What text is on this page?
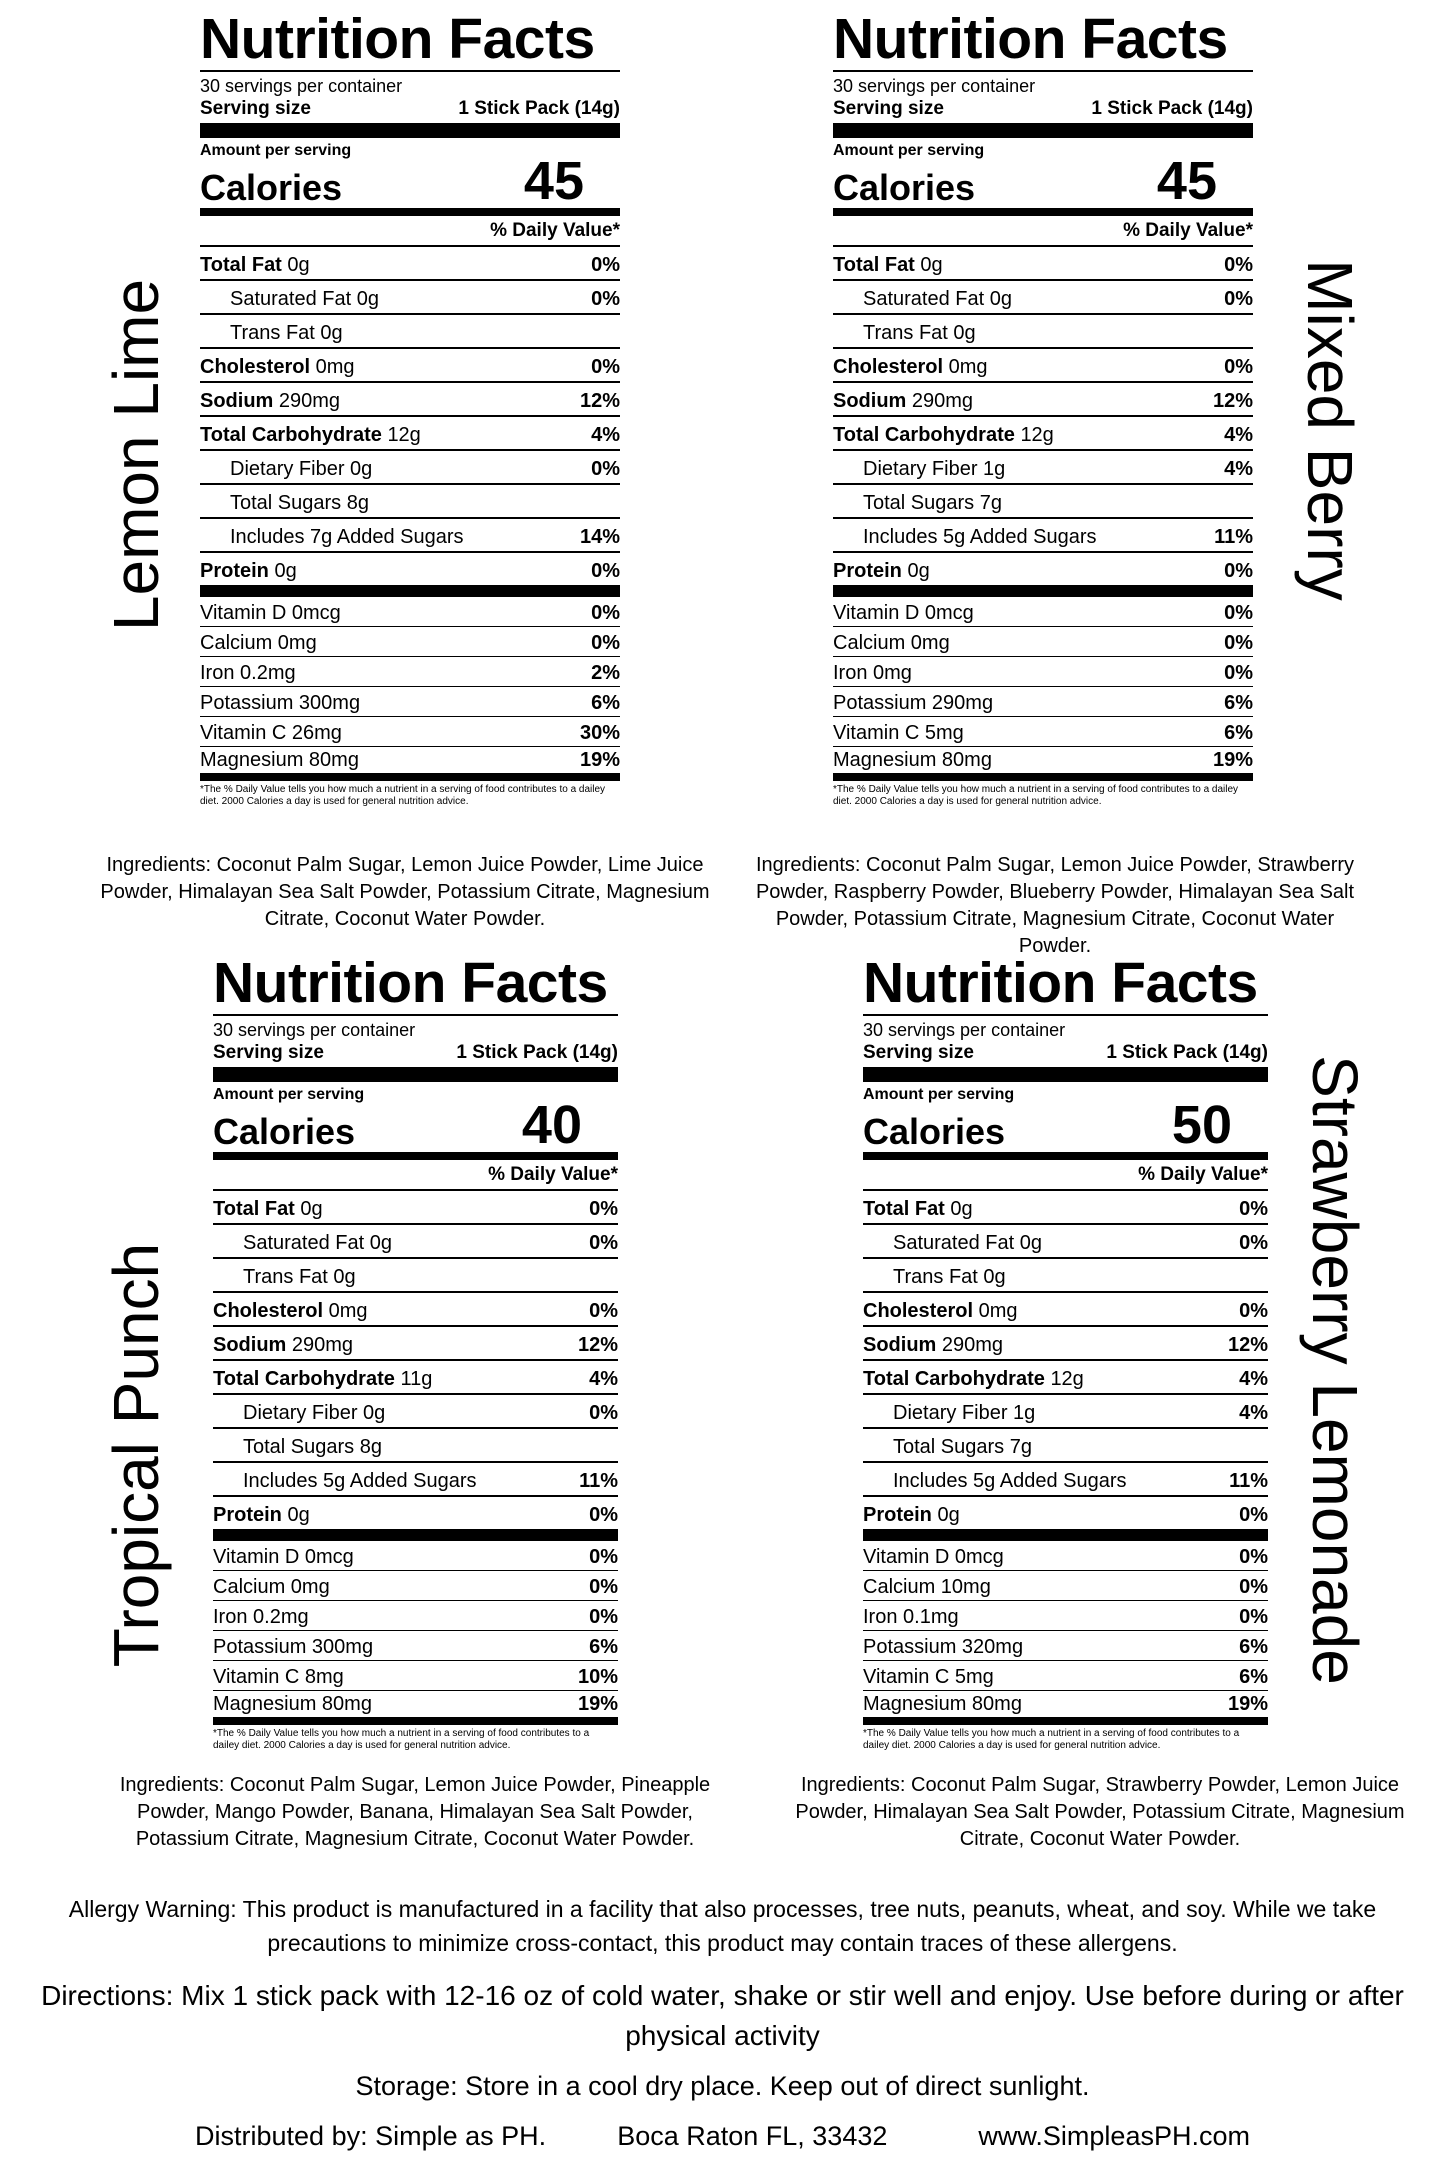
Nutrition Facts
30 servings per container
Serving size	1 Stick Pack (14g)
Amount per serving
Calories	45
% Daily Value*
Total Fat 0g	0%
Saturated Fat 0g	0%
Trans Fat 0g
Cholesterol 0mg	0%
Sodium 290mg	12%
Total Carbohydrate 12g	4%
Dietary Fiber 0g	0%
Total Sugars 8g
Includes 7g Added Sugars	14%
Protein 0g	0%
Vitamin D 0mcg	0%
Calcium 0mg	0%
Iron 0.2mg	2%
Potassium 300mg	6%
Vitamin C 26mg	30%
Magnesium 80mg	19%
*The % Daily Value tells you how much a nutrient in a serving of food contributes to a dailey diet. 2000 Calories a day is used for general nutrition advice.
Nutrition Facts
30 servings per container
Serving size	1 Stick Pack (14g)
Amount per serving
Calories	45
% Daily Value*
Total Fat 0g	0%
Saturated Fat 0g	0%
Trans Fat 0g
Cholesterol 0mg	0%
Sodium 290mg	12%
Total Carbohydrate 12g	4%
Dietary Fiber 1g	4%
Total Sugars 7g
Includes 5g Added Sugars	11%
Protein 0g	0%
Vitamin D 0mcg	0%
Calcium 0mg	0%
Iron 0mg	0%
Potassium 290mg	6%
Vitamin C 5mg	6%
Magnesium 80mg	19%
*The % Daily Value tells you how much a nutrient in a serving of food contributes to a dailey diet. 2000 Calories a day is used for general nutrition advice.
Nutrition Facts
30 servings per container
Serving size	1 Stick Pack (14g)
Amount per serving
Calories	40
% Daily Value*
Total Fat 0g	0%
Saturated Fat 0g	0%
Trans Fat 0g
Cholesterol 0mg	0%
Sodium 290mg	12%
Total Carbohydrate 11g	4%
Dietary Fiber 0g	0%
Total Sugars 8g
Includes 5g Added Sugars	11%
Protein 0g	0%
Vitamin D 0mcg	0%
Calcium 0mg	0%
Iron 0.2mg	0%
Potassium 300mg	6%
Vitamin C 8mg	10%
Magnesium 80mg	19%
*The % Daily Value tells you how much a nutrient in a serving of food contributes to a dailey diet. 2000 Calories a day is used for general nutrition advice.
Nutrition Facts
30 servings per container
Serving size	1 Stick Pack (14g)
Amount per serving
Calories	50
% Daily Value*
Total Fat 0g	0%
Saturated Fat 0g	0%
Trans Fat 0g
Cholesterol 0mg	0%
Sodium 290mg	12%
Total Carbohydrate 12g	4%
Dietary Fiber 1g	4%
Total Sugars 7g
Includes 5g Added Sugars	11%
Protein 0g	0%
Vitamin D 0mcg	0%
Calcium 10mg	0%
Iron 0.1mg	0%
Potassium 320mg	6%
Vitamin C 5mg	6%
Magnesium 80mg	19%
*The % Daily Value tells you how much a nutrient in a serving of food contributes to a dailey diet. 2000 Calories a day is used for general nutrition advice.
Ingredients: Coconut Palm Sugar, Lemon Juice Powder, Lime Juice Powder, Himalayan Sea Salt Powder, Potassium Citrate, Magnesium Citrate, Coconut Water Powder.
Ingredients: Coconut Palm Sugar, Lemon Juice Powder, Strawberry Powder, Raspberry Powder, Blueberry Powder, Himalayan Sea Salt Powder, Potassium Citrate, Magnesium Citrate, Coconut Water Powder.
Ingredients: Coconut Palm Sugar, Lemon Juice Powder, Pineapple Powder, Mango Powder, Banana, Himalayan Sea Salt Powder, Potassium Citrate, Magnesium Citrate, Coconut Water Powder.
Ingredients: Coconut Palm Sugar, Strawberry Powder, Lemon Juice Powder, Himalayan Sea Salt Powder, Potassium Citrate, Magnesium Citrate, Coconut Water Powder.
Lemon Lime	Mixed Berry
Tropical Punch	Strawberry Lemonade
Allergy Warning: This product is manufactured in a facility that also processes, tree nuts, peanuts, wheat, and soy. While we take precautions to minimize cross-contact, this product may contain traces of these allergens.
Directions: Mix 1 stick pack with 12-16 oz of cold water, shake or stir well and enjoy. Use before during or after physical activity
Storage: Store in a cool dry place. Keep out of direct sunlight.
Distributed by: Simple as PH.	Boca Raton FL, 33432	www.SimpleasPH.com
